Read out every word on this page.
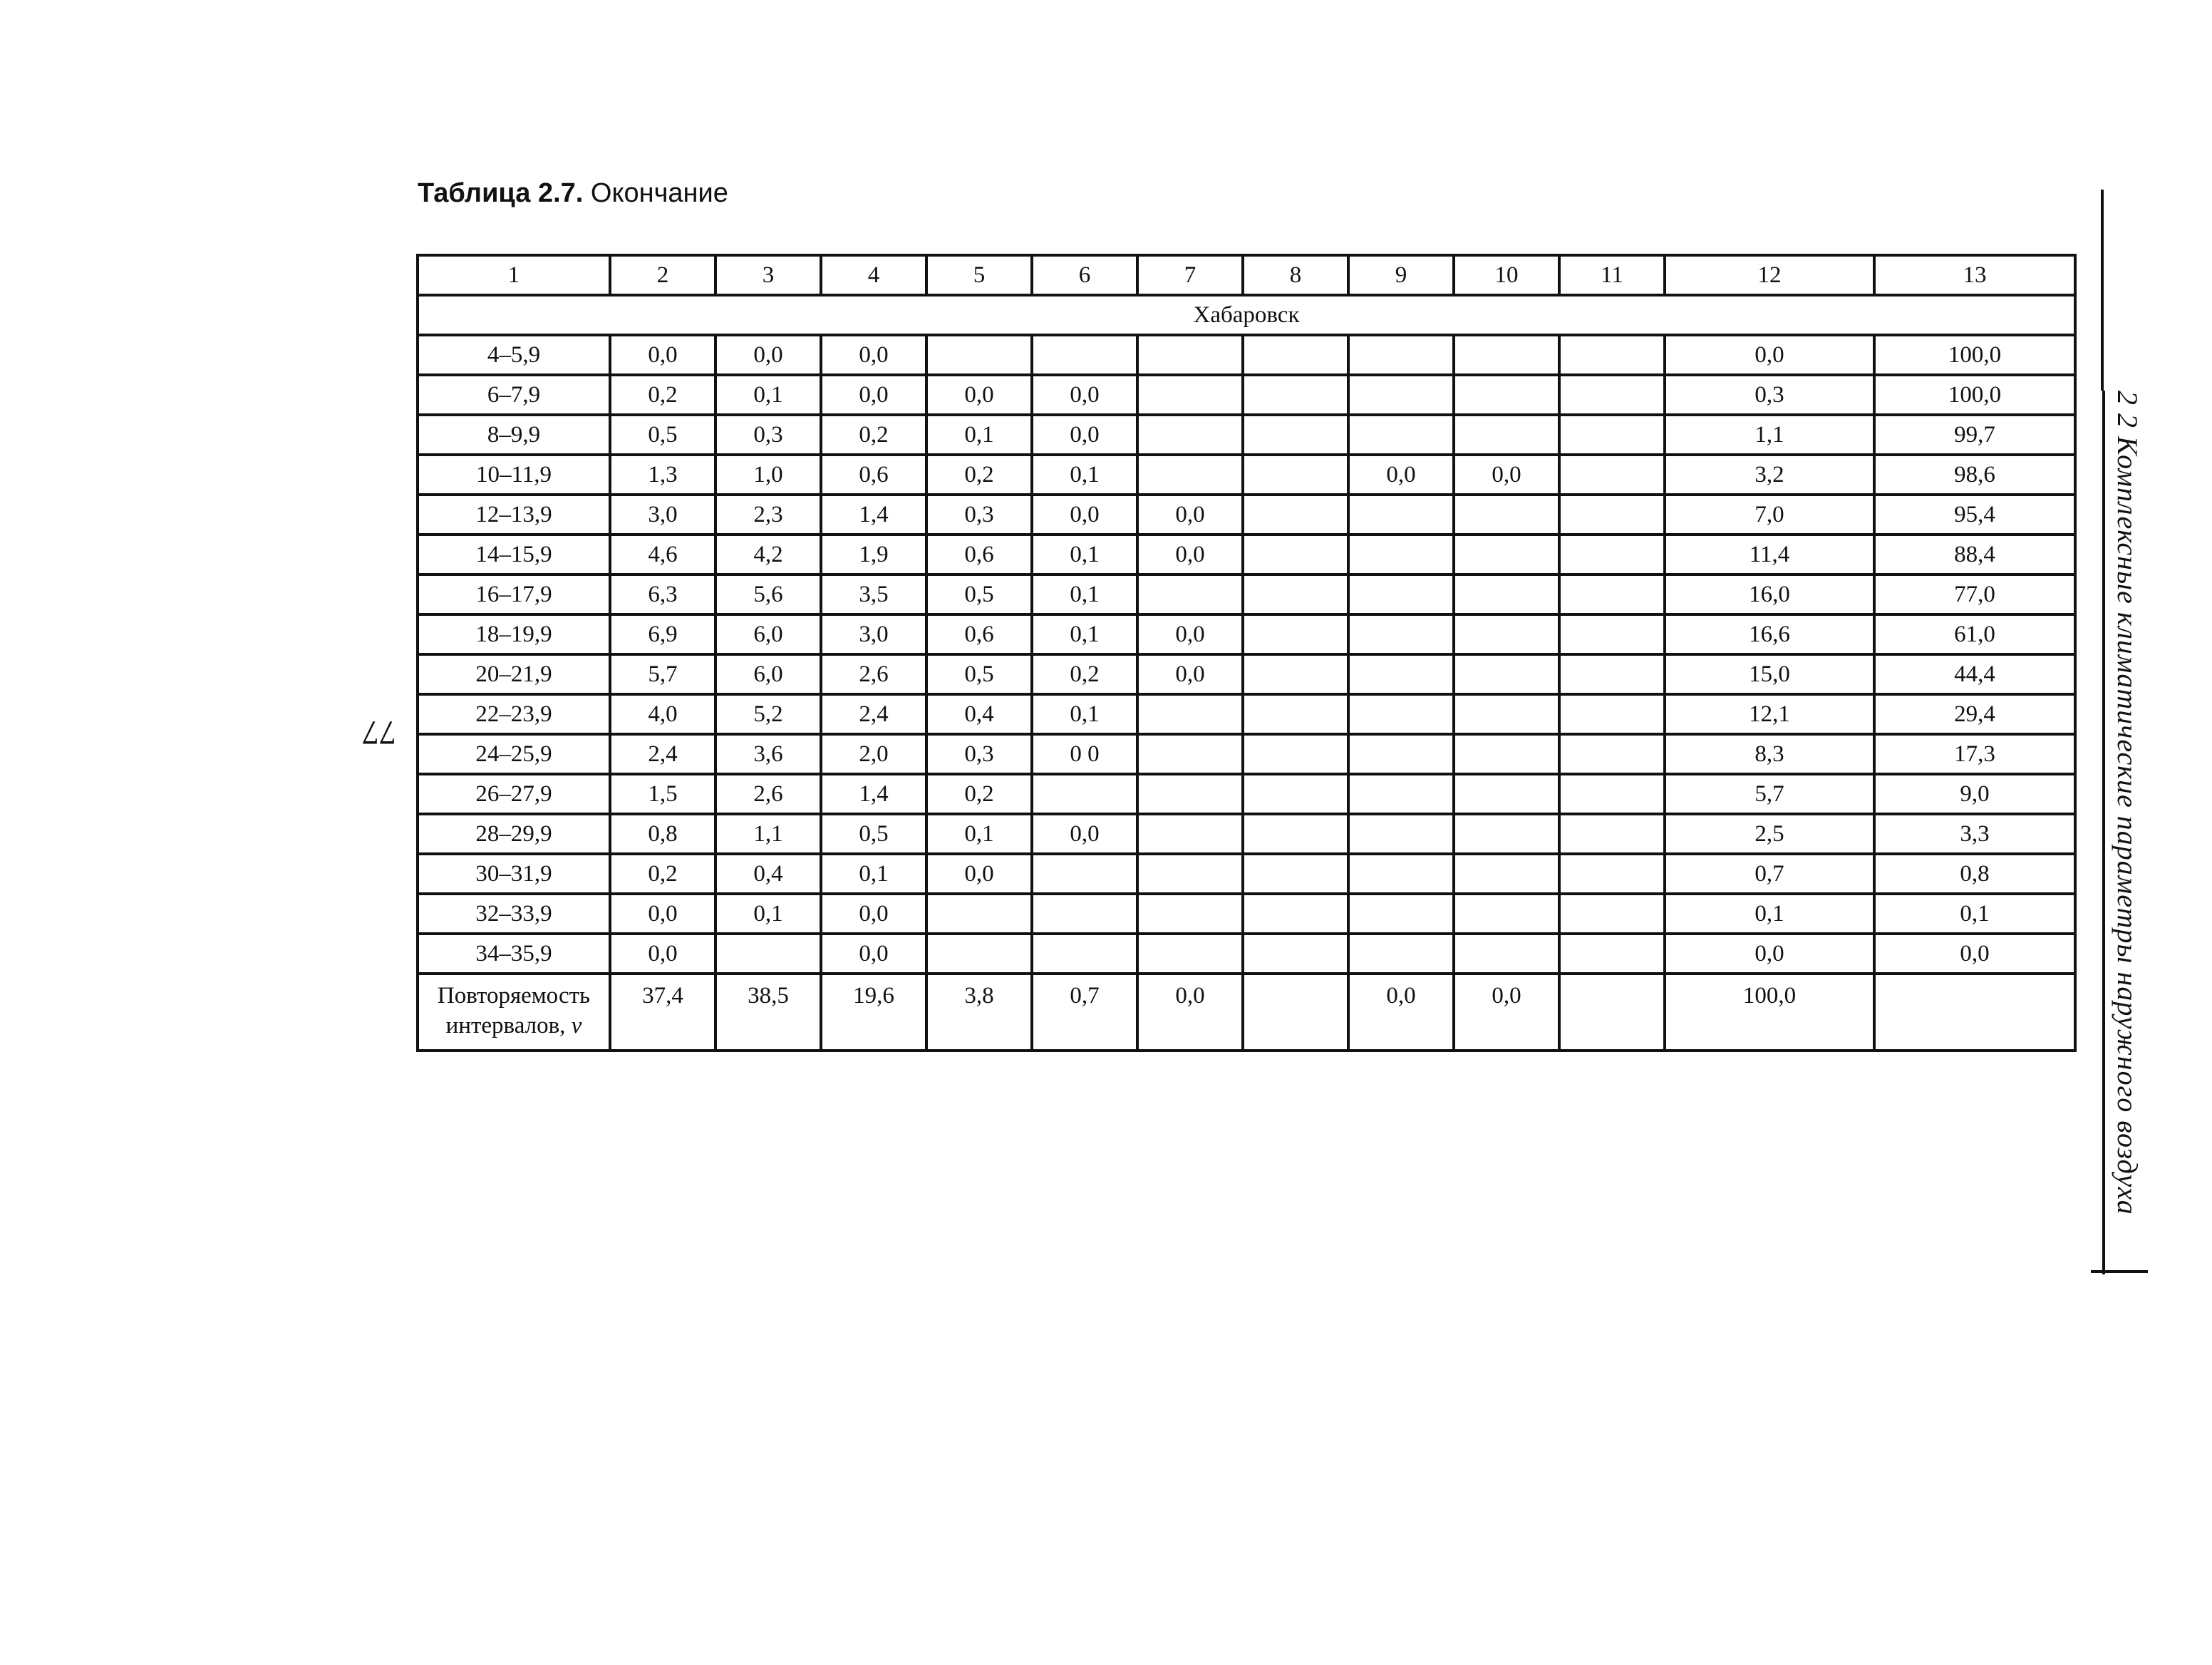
Таблица 2.7. Окончание
1	2	3	4	5	6	7	8	9	10	11	12	13
Хабаровск												
4–5,9	0,0	0,0	0,0								0,0	100,0
6–7,9	0,2	0,1	0,0	0,0	0,0						0,3	100,0
8–9,9	0,5	0,3	0,2	0,1	0,0						1,1	99,7
10–11,9	1,3	1,0	0,6	0,2	0,1			0,0	0,0		3,2	98,6
12–13,9	3,0	2,3	1,4	0,3	0,0	0,0					7,0	95,4
14–15,9	4,6	4,2	1,9	0,6	0,1	0,0					11,4	88,4
16–17,9	6,3	5,6	3,5	0,5	0,1						16,0	77,0
18–19,9	6,9	6,0	3,0	0,6	0,1	0,0					16,6	61,0
20–21,9	5,7	6,0	2,6	0,5	0,2	0,0					15,0	44,4
22–23,9	4,0	5,2	2,4	0,4	0,1						12,1	29,4
24–25,9	2,4	3,6	2,0	0,3	0 0						8,3	17,3
26–27,9	1,5	2,6	1,4	0,2							5,7	9,0
28–29,9	0,8	1,1	0,5	0,1	0,0						2,5	3,3
30–31,9	0,2	0,4	0,1	0,0							0,7	0,8
32–33,9	0,0	0,1	0,0								0,1	0,1
34–35,9	0,0		0,0								0,0	0,0
Повторяемость
интервалов, ν	37,4	38,5	19,6	3,8	0,7	0,0		0,0	0,0		100,0	
77	2 2 Комплексные климатические параметры наружного воздуха
